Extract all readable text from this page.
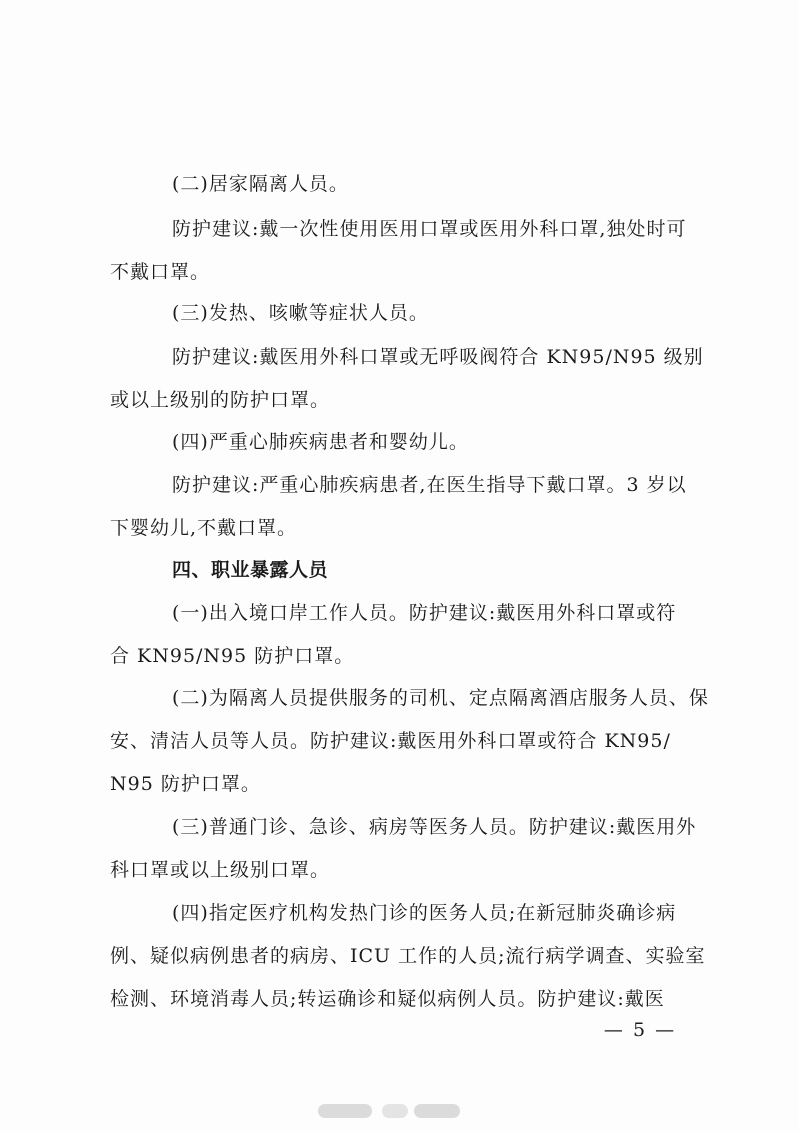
(二)居家隔离人员。

防护建议:戴一次性使用医用口罩或医用外科口罩,独处时可

不戴口罩。

(三)发热、咳嗽等症状人员。

防护建议:戴医用外科口罩或无呼吸阀符合 KN95/N95 级别

或以上级别的防护口罩。

(四)严重心肺疾病患者和婴幼儿。

防护建议:严重心肺疾病患者,在医生指导下戴口罩。3 岁以

下婴幼儿,不戴口罩。

四、职业暴露人员

(一)出入境口岸工作人员。防护建议:戴医用外科口罩或符

合 KN95/N95 防护口罩。

(二)为隔离人员提供服务的司机、定点隔离酒店服务人员、保

安、清洁人员等人员。防护建议:戴医用外科口罩或符合 KN95/

N95 防护口罩。

(三)普通门诊、急诊、病房等医务人员。防护建议:戴医用外

科口罩或以上级别口罩。

(四)指定医疗机构发热门诊的医务人员;在新冠肺炎确诊病

例、疑似病例患者的病房、ICU 工作的人员;流行病学调查、实验室

检测、环境消毒人员;转运确诊和疑似病例人员。防护建议:戴医

— 5 —
